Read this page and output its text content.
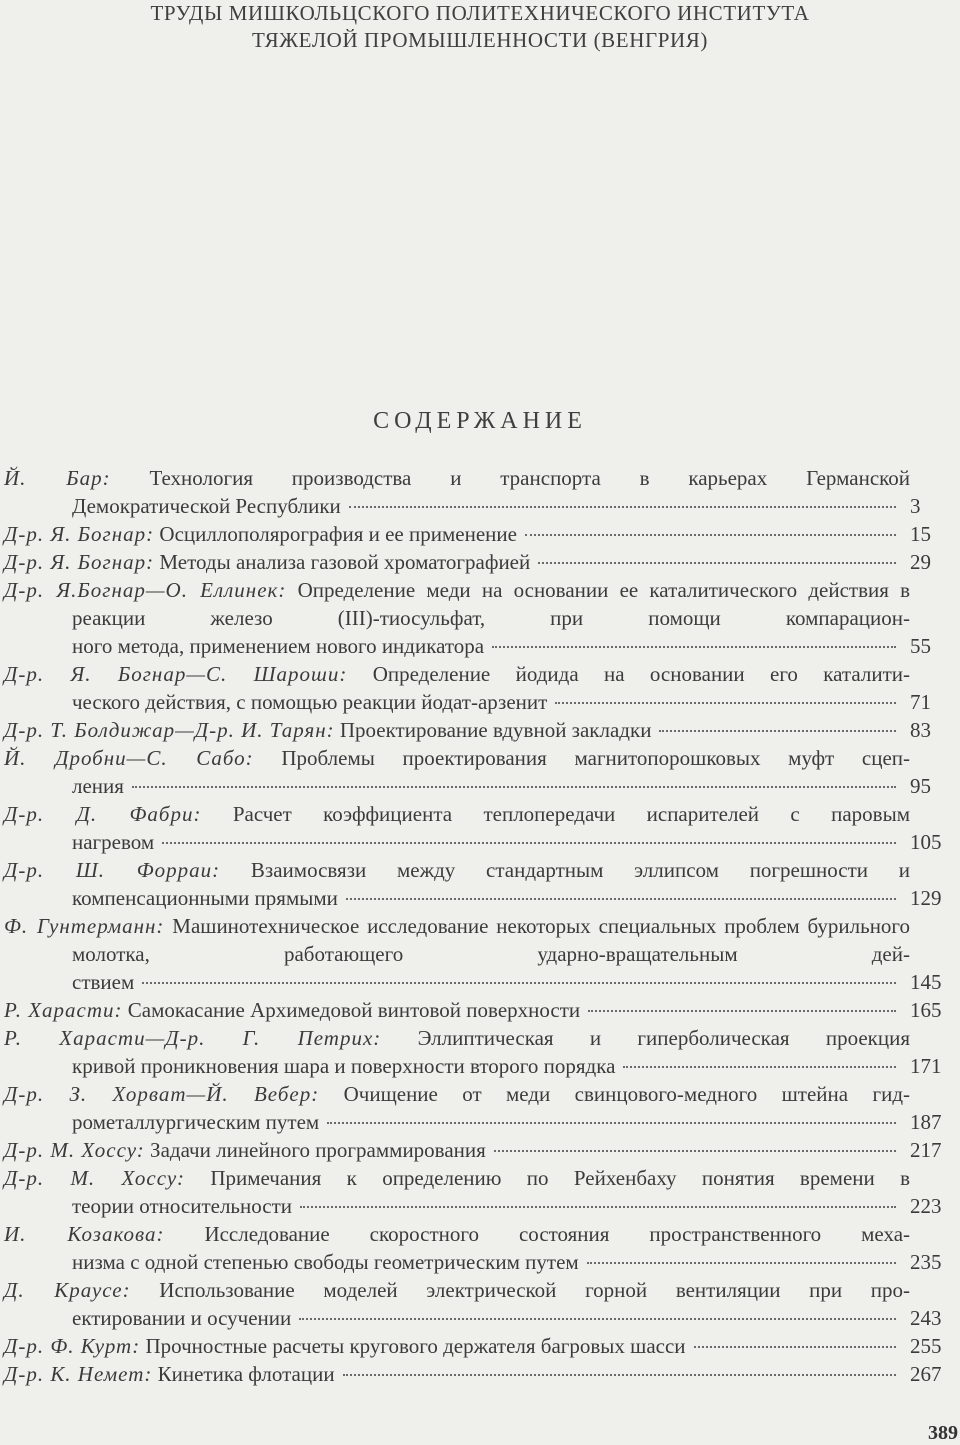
ТРУДЫ МИШКОЛЬЦСКОГО ПОЛИТЕХНИЧЕСКОГО ИНСТИТУТА
ТЯЖЕЛОЙ ПРОМЫШЛЕННОСТИ (ВЕНГРИЯ)
СОДЕРЖАНИЕ
Й. Бар: Технология производства и транспорта в карьерах Германской
Демократической Республики	3
Д-р. Я. Богнар: Осциллополярография и ее применение	15
Д-р. Я. Богнар: Методы анализа газовой хроматографией	29
Д-р. Я.Богнар—О. Еллинек: Определение меди на основании ее каталитического действия в реакции железо (III)-тиосульфат, при помощи компарацион-
ного метода, применением нового индикатора	55
Д-р. Я. Богнар—С. Шароши: Определение йодида на основании его каталити-
ческого действия, с помощью реакции йодат-арзенит	71
Д-р. Т. Болдижар—Д-р. И. Тарян: Проектирование вдувной закладки	83
Й. Дробни—С. Сабо: Проблемы проектирования магнитопорошковых муфт сцеп-
ления	95
Д-р. Д. Фабри: Расчет коэффициента теплопередачи испарителей с паровым
нагревом	105
Д-р. Ш. Форраи: Взаимосвязи между стандартным эллипсом погрешности и
компенсационными прямыми	129
Ф. Гунтерманн: Машинотехническое исследование некоторых специальных проблем бурильного молотка, работающего ударно-вращательным дей-
ствием	145
Р. Харасти: Самокасание Архимедовой винтовой поверхности	165
Р. Харасти—Д-р. Г. Петрих: Эллиптическая и гиперболическая проекция
кривой проникновения шара и поверхности второго порядка	171
Д-р. З. Хорват—Й. Вебер: Очищение от меди свинцового-медного штейна гид-
рометаллургическим путем	187
Д-р. М. Хоссу: Задачи линейного программирования	217
Д-р. М. Хоссу: Примечания к определению по Рейхенбаху понятия времени в
теории относительности	223
И. Козакова: Исследование скоростного состояния пространственного меха-
низма с одной степенью свободы геометрическим путем	235
Д. Краусе: Использование моделей электрической горной вентиляции при про-
ектировании и осучении	243
Д-р. Ф. Курт: Прочностные расчеты кругового держателя багровых шасси	255
Д-р. К. Немет: Кинетика флотации	267
389
